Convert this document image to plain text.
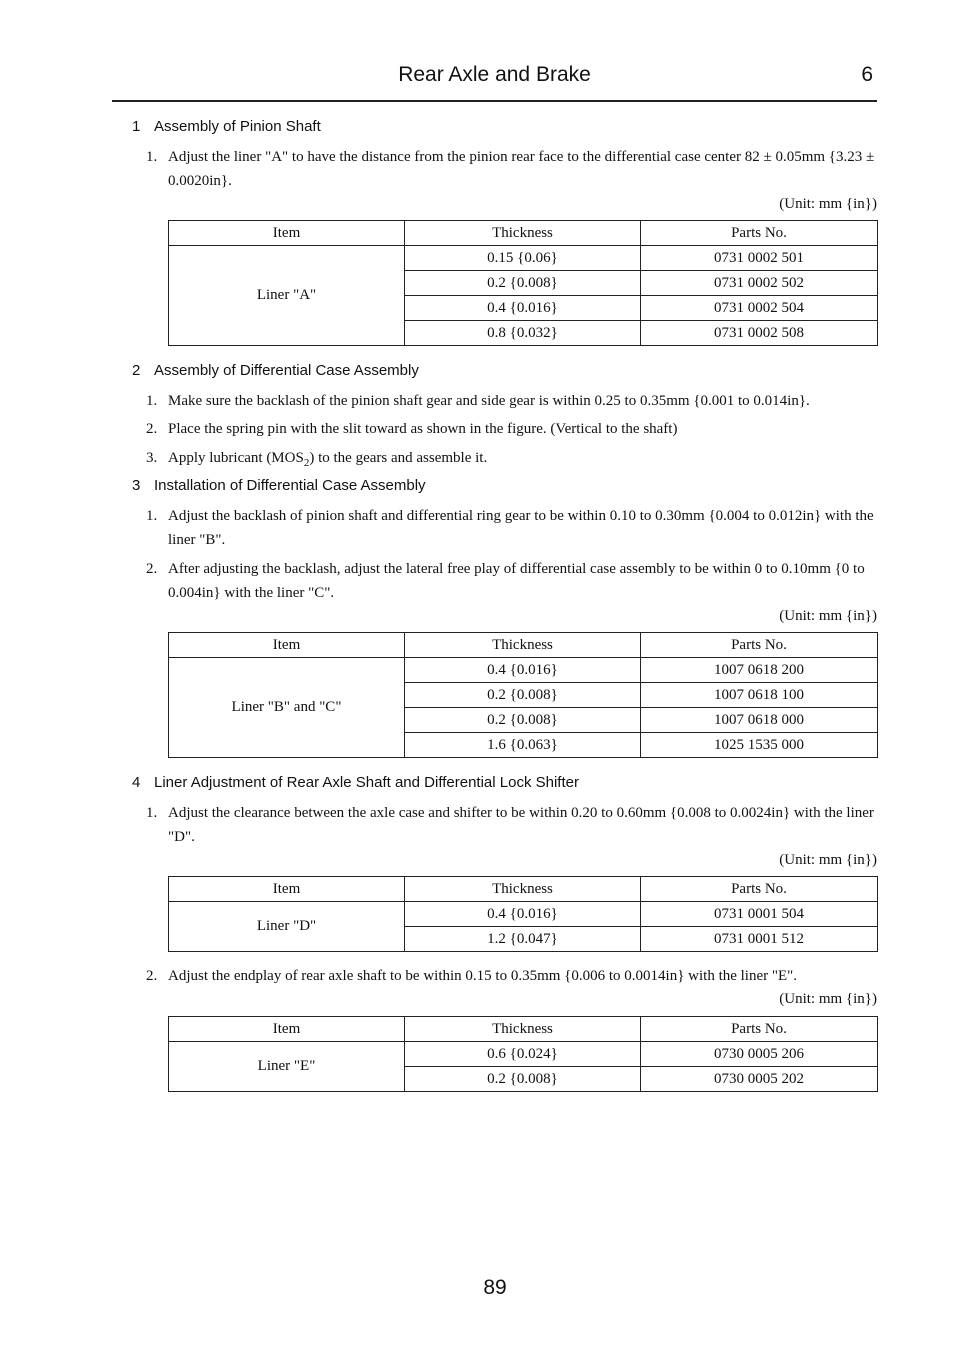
Rear Axle and Brake	6
1 Assembly of Pinion Shaft
1. Adjust the liner "A" to have the distance from the pinion rear face to the differential case center 82 ± 0.05mm {3.23 ± 0.0020in}.
(Unit: mm {in})
Item	Thickness	Parts No.
Liner "A"	0.15 {0.06}	0731 0002 501
	0.2 {0.008}	0731 0002 502
	0.4 {0.016}	0731 0002 504
	0.8 {0.032}	0731 0002 508
2 Assembly of Differential Case Assembly
1. Make sure the backlash of the pinion shaft gear and side gear is within 0.25 to 0.35mm {0.001 to 0.014in}.
2. Place the spring pin with the slit toward as shown in the figure. (Vertical to the shaft)
3. Apply lubricant $(MOS_2)$ to the gears and assemble it.
3 Installation of Differential Case Assembly
1. Adjust the backlash of pinion shaft and differential ring gear to be within 0.10 to 0.30mm {0.004 to 0.012in} with the liner "B".
2. After adjusting the backlash, adjust the lateral free play of differential case assembly to be within 0 to 0.10mm {0 to 0.004in} with the liner "C".
(Unit: mm {in})
Item	Thickness	Parts No.
Liner "B" and "C"	0.4 {0.016}	1007 0618 200
	0.2 {0.008}	1007 0618 100
	0.2 {0.008}	1007 0618 000
	1.6 {0.063}	1025 1535 000
4 Liner Adjustment of Rear Axle Shaft and Differential Lock Shifter
1. Adjust the clearance between the axle case and shifter to be within 0.20 to 0.60mm {0.008 to 0.0024in} with the liner "D".
(Unit: mm {in})
Item	Thickness	Parts No.
Liner "D"	0.4 {0.016}	0731 0001 504
	1.2 {0.047}	0731 0001 512
2. Adjust the endplay of rear axle shaft to be within 0.15 to 0.35mm {0.006 to 0.0014in} with the liner "E".
(Unit: mm {in})
Item	Thickness	Parts No.
Liner "E"	0.6 {0.024}	0730 0005 206
	0.2 {0.008}	0730 0005 202
89
